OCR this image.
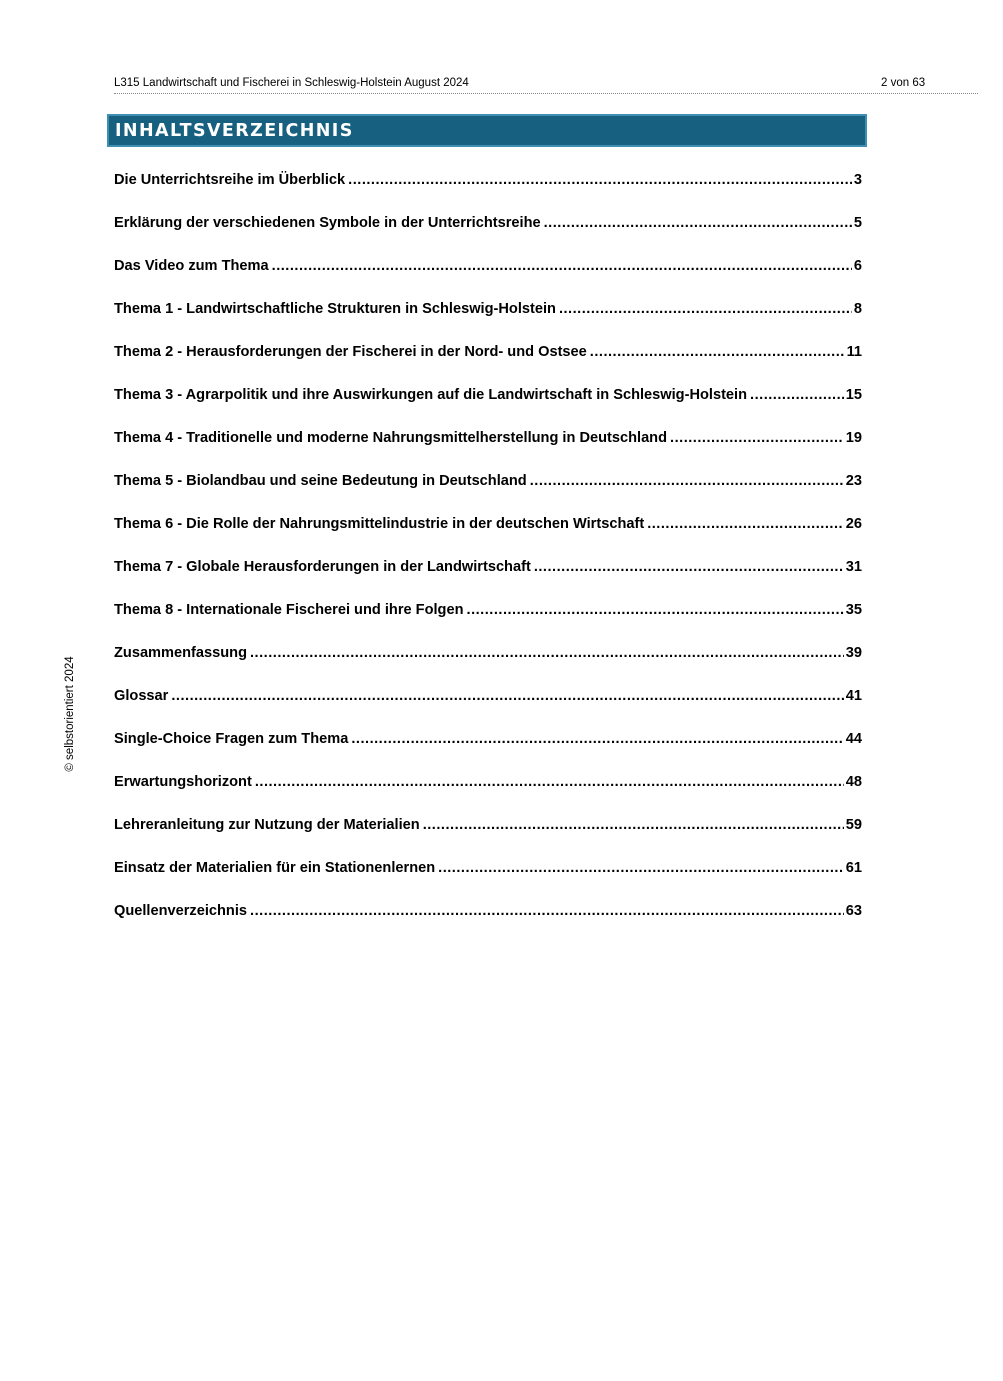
L315 Landwirtschaft und Fischerei in Schleswig-Holstein August 2024	2 von 63
INHALTSVERZEICHNIS
Die Unterrichtsreihe im Überblick .....	3
Erklärung der verschiedenen Symbole in der Unterrichtsreihe .....	5
Das Video zum Thema .....	6
Thema 1 - Landwirtschaftliche Strukturen in Schleswig-Holstein .....	8
Thema 2 - Herausforderungen der Fischerei in der Nord- und Ostsee .....	11
Thema 3 - Agrarpolitik und ihre Auswirkungen auf die Landwirtschaft in Schleswig-Holstein .....	15
Thema 4 - Traditionelle und moderne Nahrungsmittelherstellung in Deutschland .....	19
Thema 5 - Biolandbau und seine Bedeutung in Deutschland .....	23
Thema 6 - Die Rolle der Nahrungsmittelindustrie in der deutschen Wirtschaft .....	26
Thema 7 - Globale Herausforderungen in der Landwirtschaft .....	31
Thema 8 - Internationale Fischerei und ihre Folgen .....	35
Zusammenfassung .....	39
Glossar .....	41
Single-Choice Fragen zum Thema .....	44
Erwartungshorizont .....	48
Lehreranleitung zur Nutzung der Materialien .....	59
Einsatz der Materialien für ein Stationenlernen .....	61
Quellenverzeichnis .....	63
© selbstorientiert 2024
